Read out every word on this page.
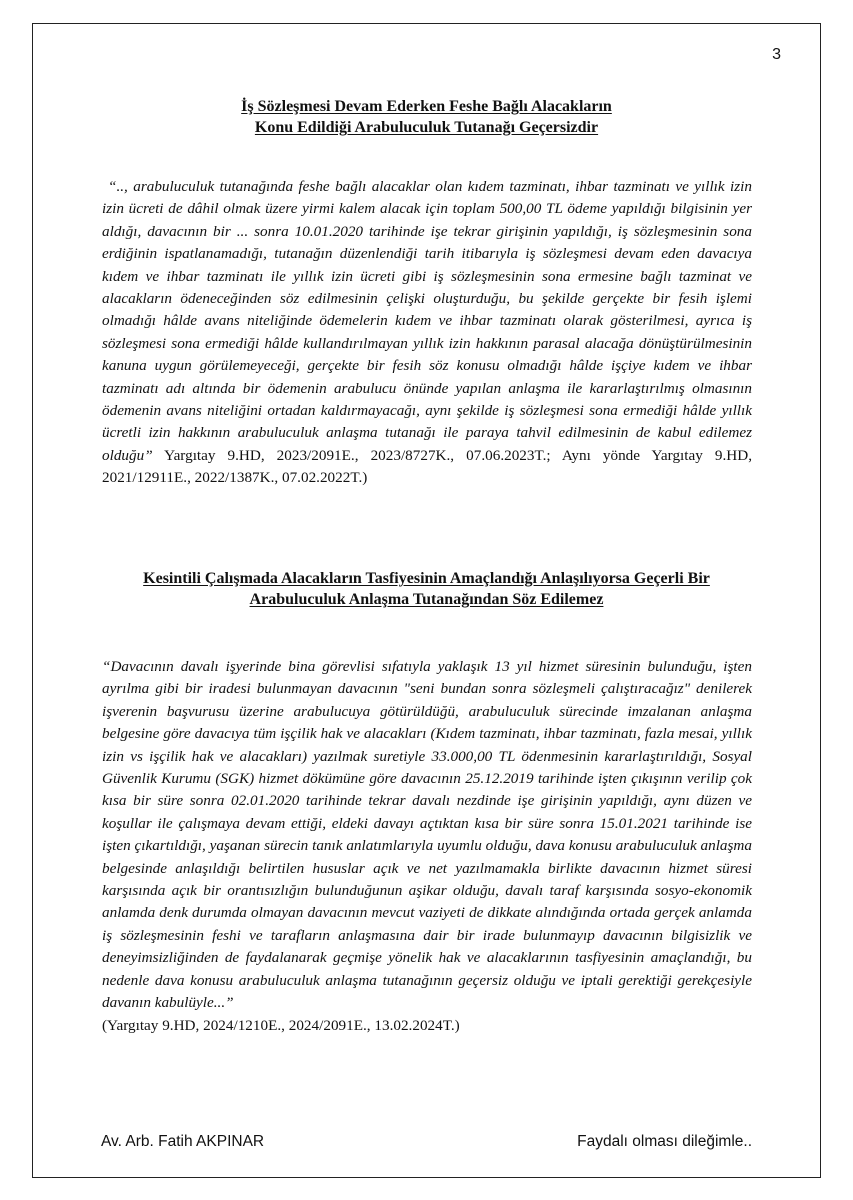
3
İş Sözleşmesi Devam Ederken Feshe Bağlı Alacakların
Konu Edildiği Arabuluculuk Tutanağı Geçersizdir

“.., arabuluculuk tutanağında feshe bağlı alacaklar olan kıdem tazminatı, ihbar tazminatı ve yıllık izin izin ücreti de dâhil olmak üzere yirmi kalem alacak için toplam 500,00 TL ödeme yapıldığı bilgisinin yer aldığı, davacının bir ... sonra 10.01.2020 tarihinde işe tekrar girişinin yapıldığı, iş sözleşmesinin sona erdiğinin ispatlanamadığı, tutanağın düzenlendiği tarih itibarıyla iş sözleşmesi devam eden davacıya kıdem ve ihbar tazminatı ile yıllık izin ücreti gibi iş sözleşmesinin sona ermesine bağlı tazminat ve alacakların ödeneceğinden söz edilmesinin çelişki oluşturduğu, bu şekilde gerçekte bir fesih işlemi olmadığı hâlde avans niteliğinde ödemelerin kıdem ve ihbar tazminatı olarak gösterilmesi, ayrıca iş sözleşmesi sona ermediği hâlde kullandırılmayan yıllık izin hakkının parasal alacağa dönüştürülmesinin kanuna uygun görülemeyeceği, gerçekte bir fesih söz konusu olmadığı hâlde işçiye kıdem ve ihbar tazminatı adı altında bir ödemenin arabulucu önünde yapılan anlaşma ile kararlaştırılmış olmasının ödemenin avans niteliğini ortadan kaldırmayacağı, aynı şekilde iş sözleşmesi sona ermediği hâlde yıllık ücretli izin hakkının arabuluculuk anlaşma tutanağı ile paraya tahvil edilmesinin de kabul edilemez olduğu” Yargıtay 9.HD, 2023/2091E., 2023/8727K., 07.06.2023T.; Aynı yönde Yargıtay 9.HD, 2021/12911E., 2022/1387K., 07.02.2022T.)

Kesintili Çalışmada Alacakların Tasfiyesinin Amaçlandığı Anlaşılıyorsa Geçerli Bir
Arabuluculuk Anlaşma Tutanağından Söz Edilemez

“Davacının davalı işyerinde bina görevlisi sıfatıyla yaklaşık 13 yıl hizmet süresinin bulunduğu, işten ayrılma gibi bir iradesi bulunmayan davacının "seni bundan sonra sözleşmeli çalıştıracağız" denilerek işverenin başvurusu üzerine arabulucuya götürüldüğü, arabuluculuk sürecinde imzalanan anlaşma belgesine göre davacıya tüm işçilik hak ve alacakları (Kıdem tazminatı, ihbar tazminatı, fazla mesai, yıllık izin vs işçilik hak ve alacakları) yazılmak suretiyle 33.000,00 TL ödenmesinin kararlaştırıldığı, Sosyal Güvenlik Kurumu (SGK) hizmet dökümüne göre davacının 25.12.2019 tarihinde işten çıkışının verilip çok kısa bir süre sonra 02.01.2020 tarihinde tekrar davalı nezdinde işe girişinin yapıldığı, aynı düzen ve koşullar ile çalışmaya devam ettiği, eldeki davayı açtıktan kısa bir süre sonra 15.01.2021 tarihinde ise işten çıkartıldığı, yaşanan sürecin tanık anlatımlarıyla uyumlu olduğu, dava konusu arabuluculuk anlaşma belgesinde anlaşıldığı belirtilen hususlar açık ve net yazılmamakla birlikte davacının hizmet süresi karşısında açık bir orantısızlığın bulunduğunun aşikar olduğu, davalı taraf karşısında sosyo-ekonomik anlamda denk durumda olmayan davacının mevcut vaziyeti de dikkate alındığında ortada gerçek anlamda iş sözleşmesinin feshi ve tarafların anlaşmasına dair bir irade bulunmayıp davacının bilgisizlik ve deneyimsizliğinden de faydalanarak geçmişe yönelik hak ve alacaklarının tasfiyesinin amaçlandığı, bu nedenle dava konusu arabuluculuk anlaşma tutanağının geçersiz olduğu ve iptali gerektiği gerekçesiyle davanın kabulüyle...”
(Yargıtay 9.HD, 2024/1210E., 2024/2091E., 13.02.2024T.)

Av. Arb. Fatih AKPINAR	Faydalı olması dileğimle..
